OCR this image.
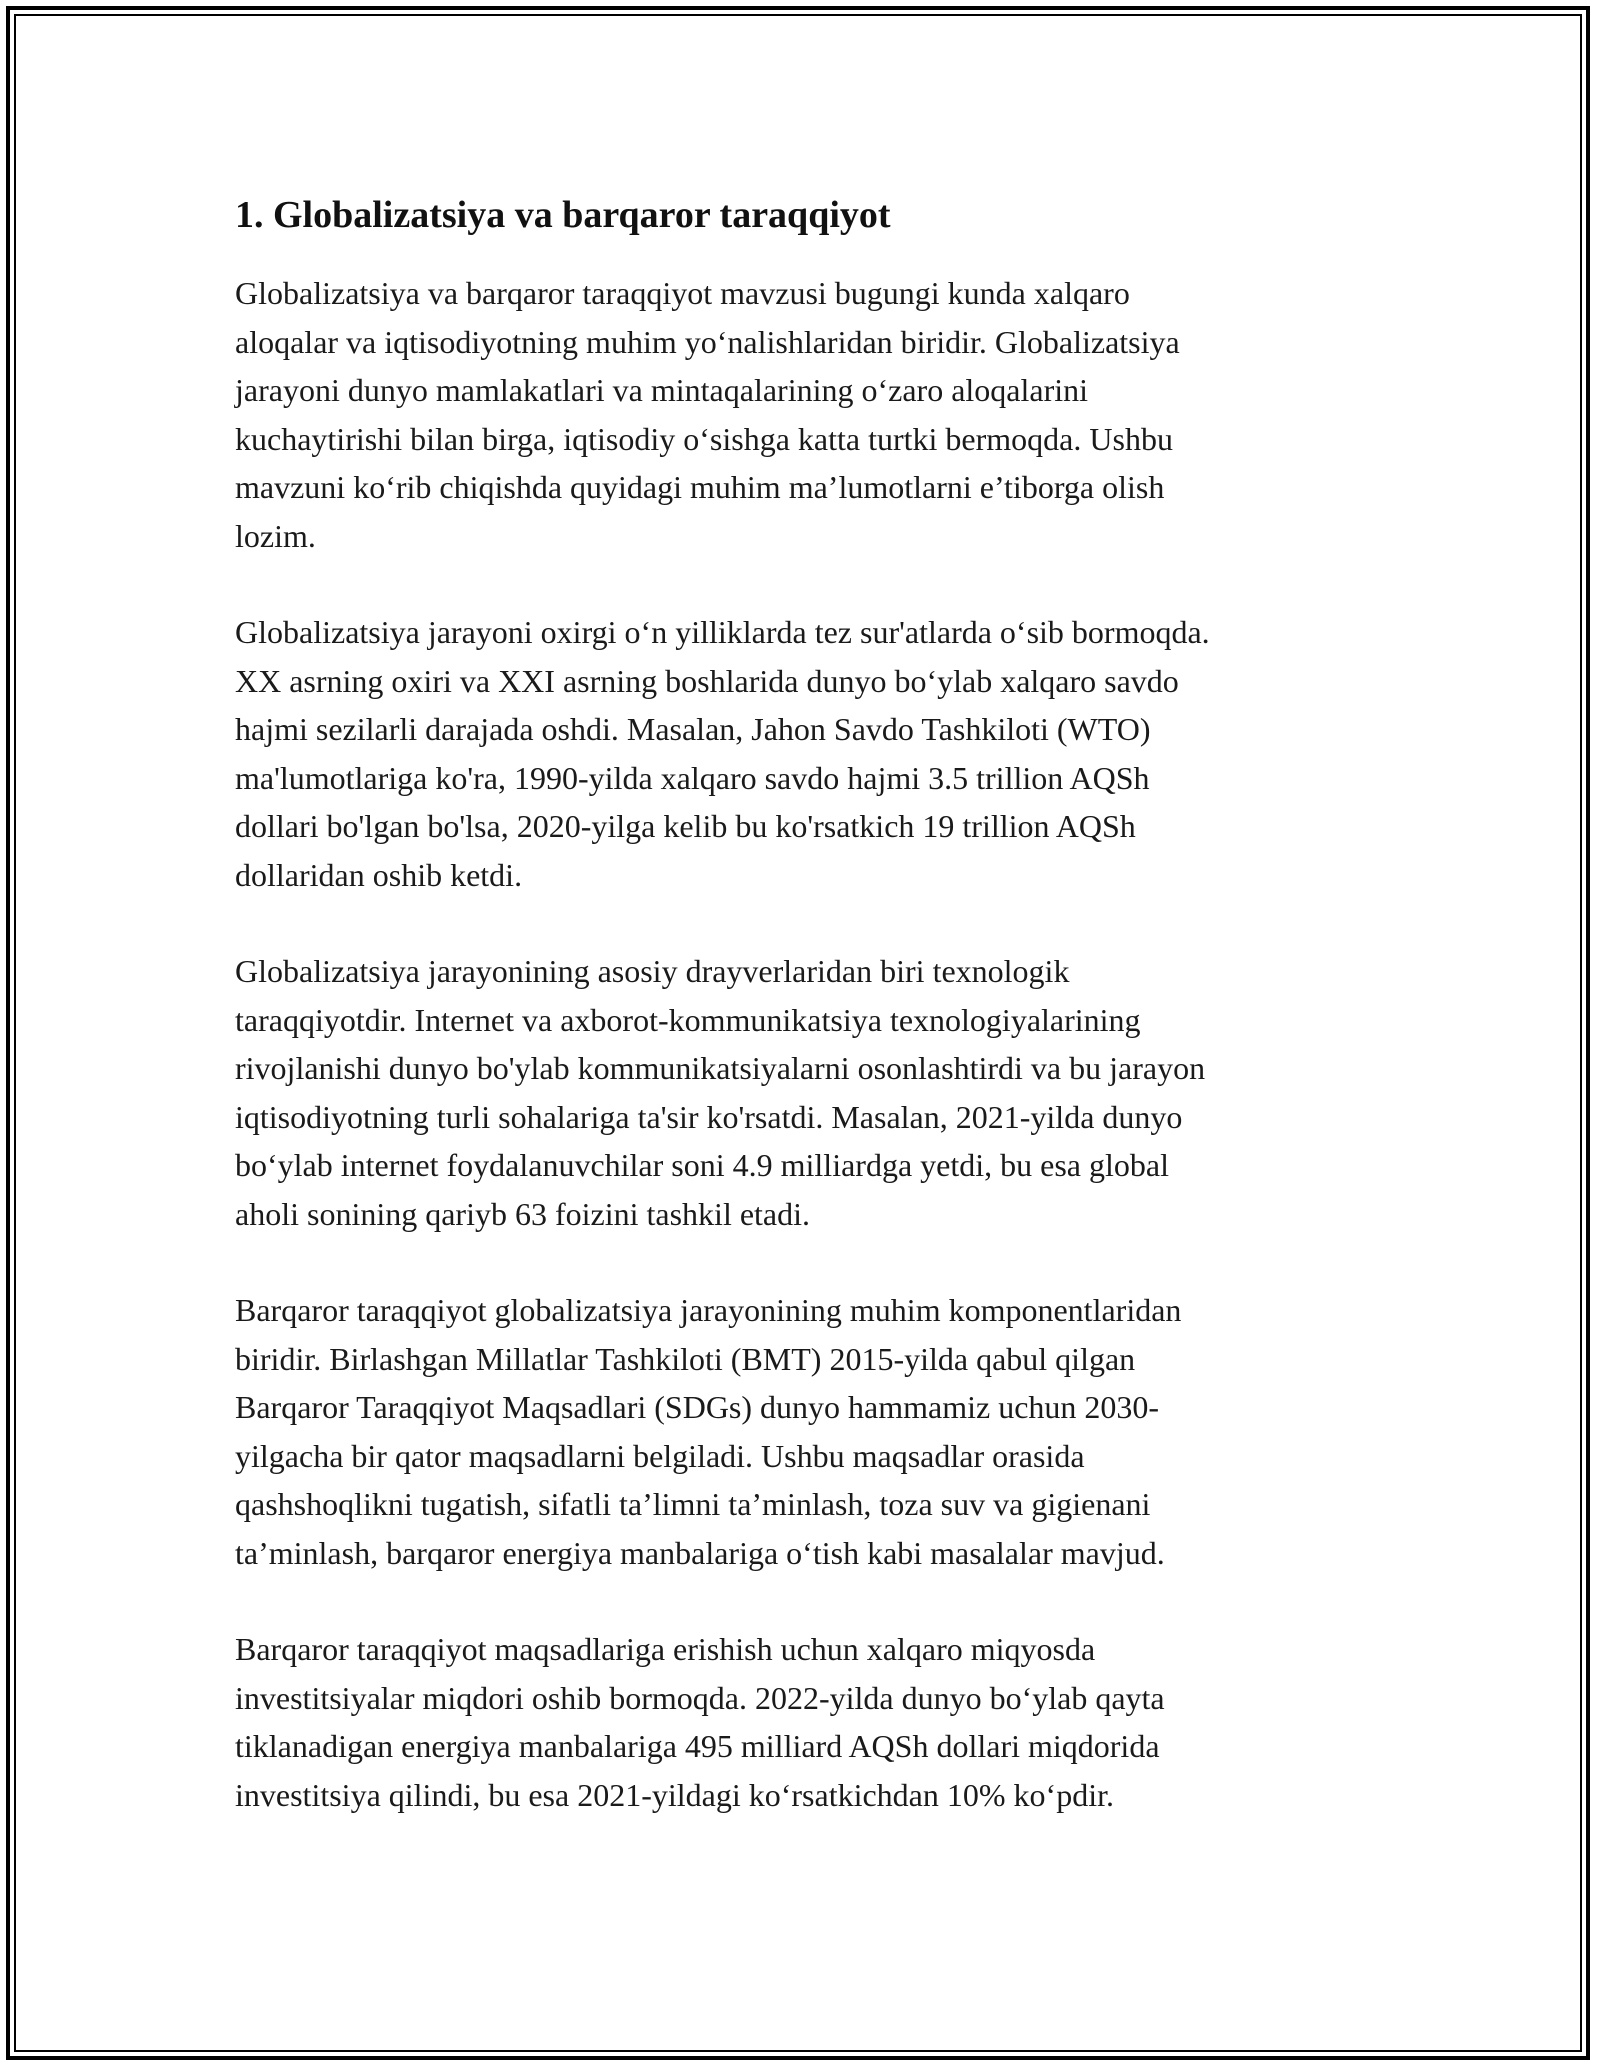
1. Globalizatsiya va barqaror taraqqiyot

Globalizatsiya va barqaror taraqqiyot mavzusi bugungi kunda xalqaro
aloqalar va iqtisodiyotning muhim yo‘nalishlaridan biridir. Globalizatsiya
jarayoni dunyo mamlakatlari va mintaqalarining o‘zaro aloqalarini
kuchaytirishi bilan birga, iqtisodiy o‘sishga katta turtki bermoqda. Ushbu
mavzuni ko‘rib chiqishda quyidagi muhim ma’lumotlarni e’tiborga olish
lozim.

Globalizatsiya jarayoni oxirgi o‘n yilliklarda tez sur'atlarda o‘sib bormoqda.
XX asrning oxiri va XXI asrning boshlarida dunyo bo‘ylab xalqaro savdo
hajmi sezilarli darajada oshdi. Masalan, Jahon Savdo Tashkiloti (WTO)
ma'lumotlariga ko'ra, 1990-yilda xalqaro savdo hajmi 3.5 trillion AQSh
dollari bo'lgan bo'lsa, 2020-yilga kelib bu ko'rsatkich 19 trillion AQSh
dollaridan oshib ketdi.

Globalizatsiya jarayonining asosiy drayverlaridan biri texnologik
taraqqiyotdir. Internet va axborot-kommunikatsiya texnologiyalarining
rivojlanishi dunyo bo'ylab kommunikatsiyalarni osonlashtirdi va bu jarayon
iqtisodiyotning turli sohalariga ta'sir ko'rsatdi. Masalan, 2021-yilda dunyo
bo‘ylab internet foydalanuvchilar soni 4.9 milliardga yetdi, bu esa global
aholi sonining qariyb 63 foizini tashkil etadi.

Barqaror taraqqiyot globalizatsiya jarayonining muhim komponentlaridan
biridir. Birlashgan Millatlar Tashkiloti (BMT) 2015-yilda qabul qilgan
Barqaror Taraqqiyot Maqsadlari (SDGs) dunyo hammamiz uchun 2030-
yilgacha bir qator maqsadlarni belgiladi. Ushbu maqsadlar orasida
qashshoqlikni tugatish, sifatli ta’limni ta’minlash, toza suv va gigienani
ta’minlash, barqaror energiya manbalariga o‘tish kabi masalalar mavjud.

Barqaror taraqqiyot maqsadlariga erishish uchun xalqaro miqyosda
investitsiyalar miqdori oshib bormoqda. 2022-yilda dunyo bo‘ylab qayta
tiklanadigan energiya manbalariga 495 milliard AQSh dollari miqdorida
investitsiya qilindi, bu esa 2021-yildagi ko‘rsatkichdan 10% ko‘pdir.
